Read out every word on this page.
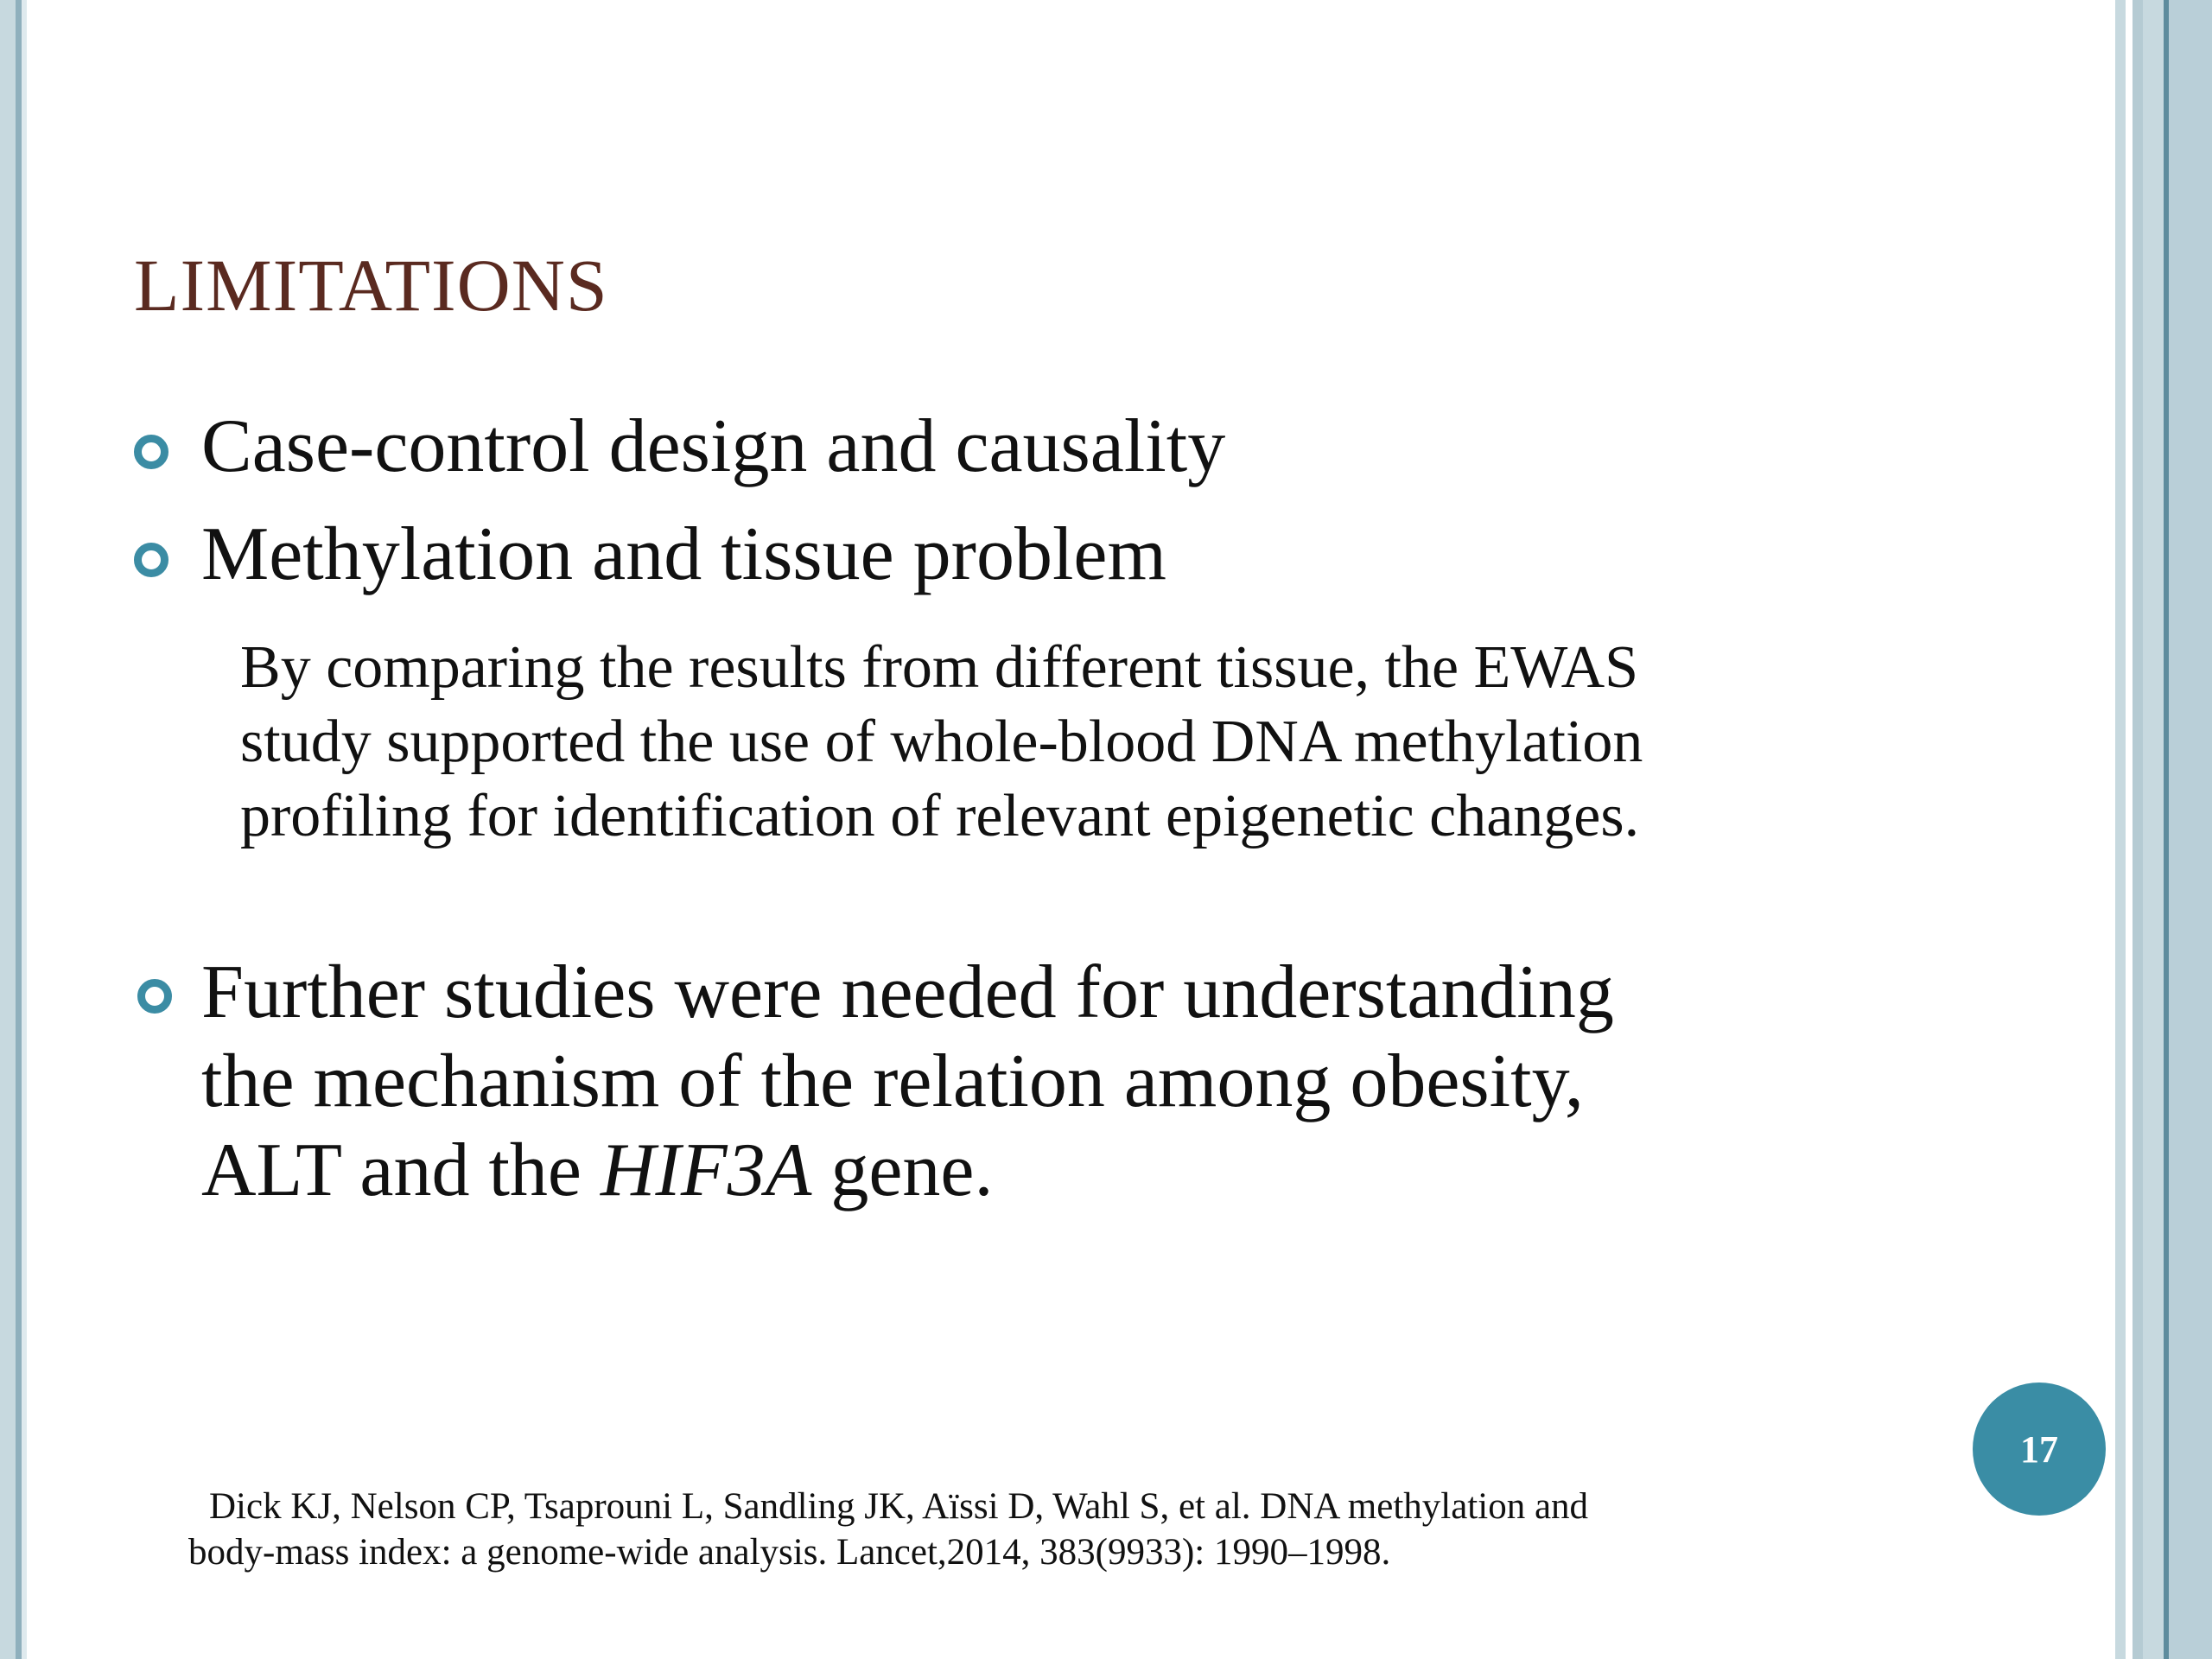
LIMITATIONS
Case-control design and causality
Methylation and tissue problem
By comparing the results from different tissue, the EWAS
study supported the use of whole-blood DNA methylation
profiling for identification of relevant epigenetic changes.
Further studies were needed for understanding
the mechanism of the relation among obesity,
ALT and the HIF3A gene.
17
Dick KJ, Nelson CP, Tsaprouni L, Sandling JK, Aïssi D, Wahl S, et al. DNA methylation and
body-mass index: a genome-wide analysis. Lancet,2014, 383(9933): 1990–1998.
